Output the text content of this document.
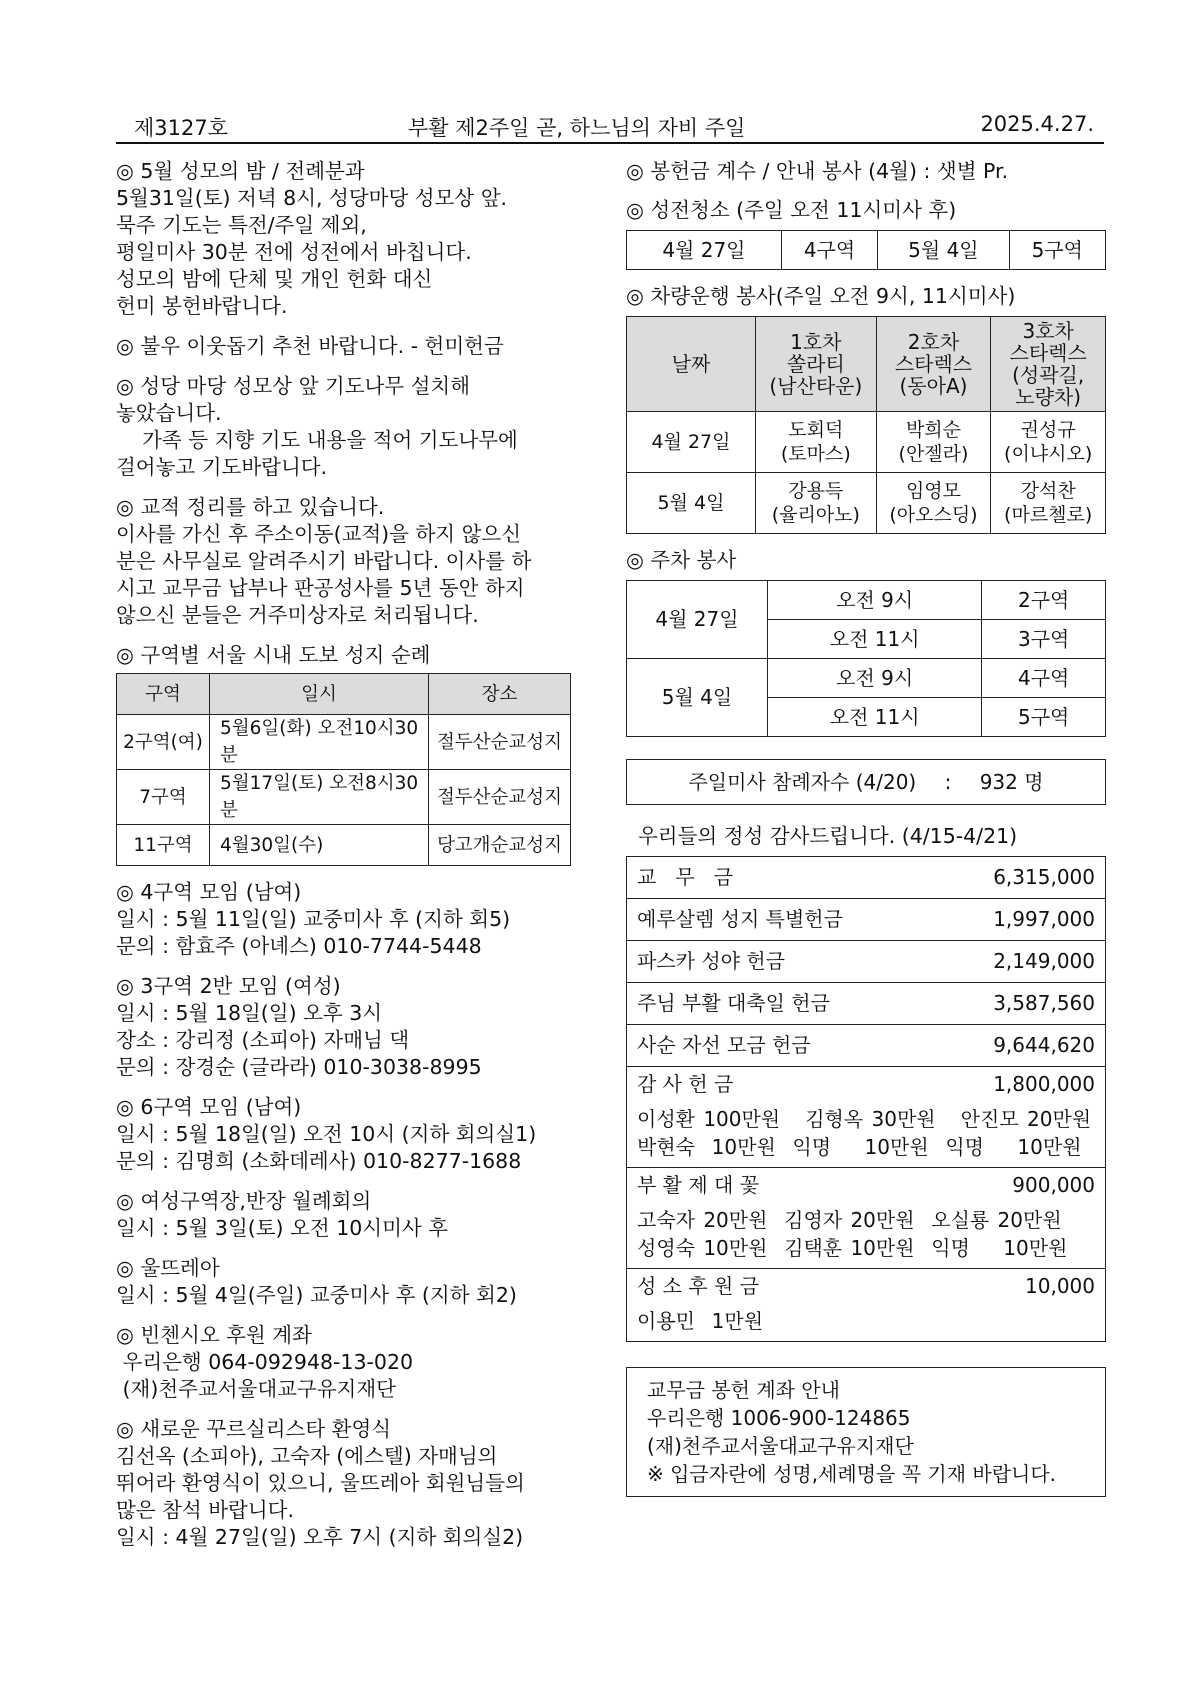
제3127호	부활 제2주일 곧, 하느님의 자비 주일	2025.4.27.
◎ 5월 성모의 밤 / 전례분과
5월31일(토) 저녁 8시, 성당마당 성모상 앞.
묵주 기도는 특전/주일 제외,
평일미사 30분 전에 성전에서 바칩니다.
성모의 밤에 단체 및 개인 헌화 대신
헌미 봉헌바랍니다.
◎ 불우 이웃돕기 추천 바랍니다. - 헌미헌금
◎ 성당 마당 성모상 앞 기도나무 설치해
놓았습니다.
가족 등 지향 기도 내용을 적어 기도나무에
걸어놓고 기도바랍니다.
◎ 교적 정리를 하고 있습니다.
이사를 가신 후 주소이동(교적)을 하지 않으신
분은 사무실로 알려주시기 바랍니다. 이사를 하
시고 교무금 납부나 판공성사를 5년 동안 하지
않으신 분들은 거주미상자로 처리됩니다.
◎ 구역별 서울 시내 도보 성지 순례
구역	일시	장소
2구역(여)	5월6일(화) 오전10시30분	절두산순교성지
7구역	5월17일(토) 오전8시30분	절두산순교성지
11구역	4월30일(수)	당고개순교성지
◎ 4구역 모임 (남여)
일시 : 5월 11일(일) 교중미사 후 (지하 회5)
문의 : 함효주 (아녜스) 010-7744-5448
◎ 3구역 2반 모임 (여성)
일시 : 5월 18일(일) 오후 3시
장소 : 강리정 (소피아) 자매님 댁
문의 : 장경순 (글라라) 010-3038-8995
◎ 6구역 모임 (남여)
일시 : 5월 18일(일) 오전 10시 (지하 회의실1)
문의 : 김명희 (소화데레사) 010-8277-1688
◎ 여성구역장,반장 월례회의
일시 : 5월 3일(토) 오전 10시미사 후
◎ 울뜨레아
일시 : 5월 4일(주일) 교중미사 후 (지하 회2)
◎ 빈첸시오 후원 계좌
우리은행 064-092948-13-020
(재)천주교서울대교구유지재단
◎ 새로운 꾸르실리스타 환영식
김선옥 (소피아), 고숙자 (에스텔) 자매님의
뛰어라 환영식이 있으니, 울뜨레아 회원님들의
많은 참석 바랍니다.
일시 : 4월 27일(일) 오후 7시 (지하 회의실2)
◎ 봉헌금 계수 / 안내 봉사 (4월) : 샛별 Pr.
◎ 성전청소 (주일 오전 11시미사 후)
4월 27일	4구역	5월 4일	5구역
◎ 차량운행 봉사(주일 오전 9시, 11시미사)
날짜	1호차
쏠라티
(남산타운)	2호차
스타렉스
(동아A)	3호차
스타렉스
(성곽길,
노량차)

4월 27일	도회덕
(토마스)	박희순
(안젤라)	권성규
(이냐시오)

5월 4일	강용득
(율리아노)	임영모
(아오스딩)	강석찬
(마르첼로)
◎ 주차 봉사
4월 27일	오전 9시	2구역
	오전 11시	3구역
5월 4일	오전 9시	4구역
	오전 11시	5구역
주일미사 참례자수 (4/20) : 932 명
우리들의 정성 감사드립니다. (4/15-4/21)
교   무   금	6,315,000
예루살렘 성지 특별헌금	1,997,000
파스카 성야 헌금	2,149,000
주님 부활 대축일 헌금	3,587,560
사순 자선 모금 헌금	9,644,620
감 사 헌 금	1,800,000
이성환 100만원   김형옥 30만원   안진모 20만원
박현숙  10만원  익명    10만원  익명    10만원
부 활 제 대 꽃	900,000
고숙자 20만원  김영자 20만원  오실룡 20만원
성영숙 10만원  김택훈 10만원  익명    10만원
성 소 후 원 금	10,000
이용민  1만원
교무금 봉헌 계좌 안내
우리은행 1006-900-124865
(재)천주교서울대교구유지재단
※ 입금자란에 성명,세례명을 꼭 기재 바랍니다.
